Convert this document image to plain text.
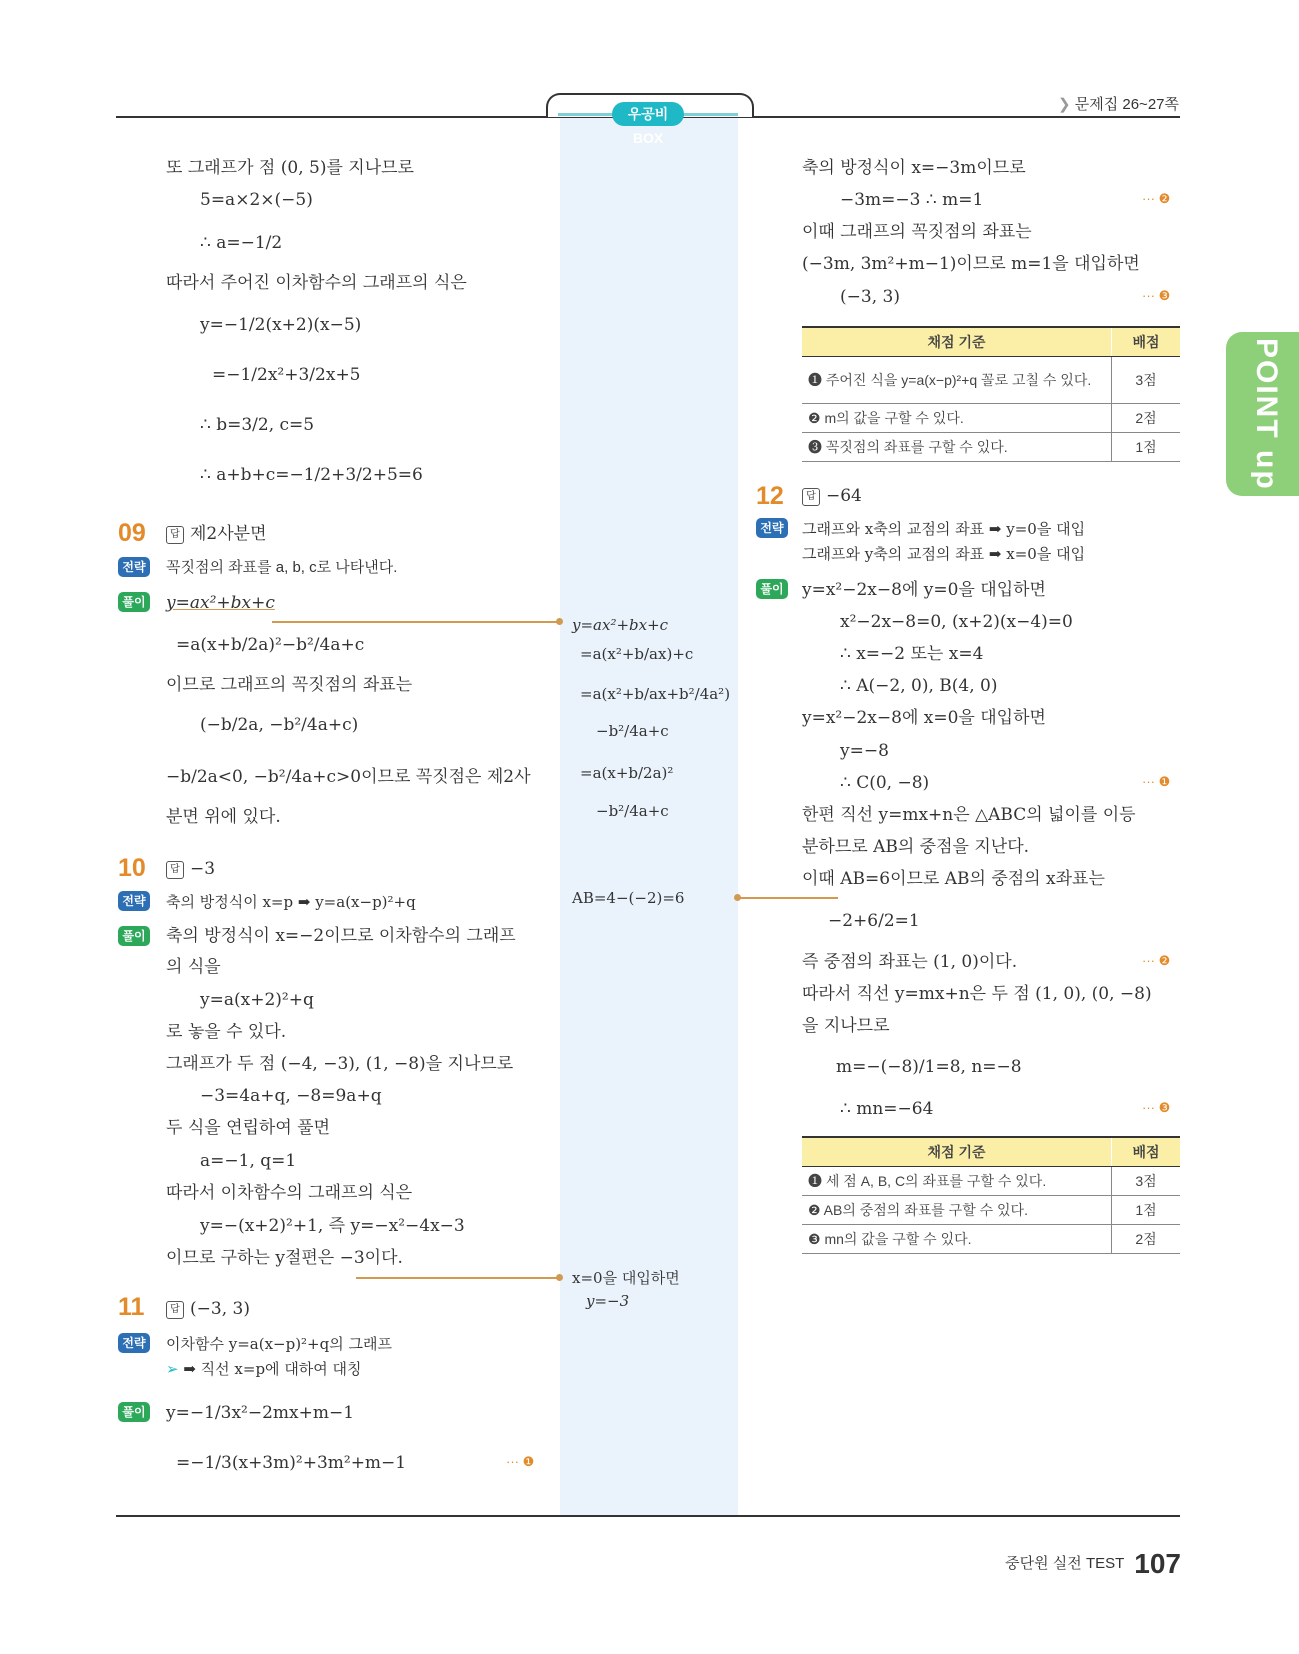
우공비 BOX
❯ 문제집 26~27쪽
POINT up
또 그래프가 점 (0, 5)를 지나므로
5=a×2×(−5)
∴ a=−1/2
따라서 주어진 이차함수의 그래프의 식은
y=−1/2(x+2)(x−5)
=−1/2x²+3/2x+5
∴ b=3/2, c=5
∴ a+b+c=−1/2+3/2+5=6
09	답 제2사분면
전략 꼭짓점의 좌표를 a, b, c로 나타낸다.
풀이 y=ax²+bx+c
=a(x+b/2a)²−b²/4a+c
이므로 그래프의 꼭짓점의 좌표는
(−b/2a, −b²/4a+c)
−b/2a<0, −b²/4a+c>0이므로 꼭짓점은 제2사
분면 위에 있다.
10	답 −3
전략 축의 방정식이 x=p ➡ y=a(x−p)²+q
풀이 축의 방정식이 x=−2이므로 이차함수의 그래프
의 식을
y=a(x+2)²+q
로 놓을 수 있다.
그래프가 두 점 (−4, −3), (1, −8)을 지나므로
−3=4a+q, −8=9a+q
두 식을 연립하여 풀면
a=−1, q=1
따라서 이차함수의 그래프의 식은
y=−(x+2)²+1, 즉 y=−x²−4x−3
이므로 구하는 y절편은 −3이다.
11	답 (−3, 3)
전략 이차함수 y=a(x−p)²+q의 그래프
➢ ➡ 직선 x=p에 대하여 대칭
풀이 y=−1/3x²−2mx+m−1
=−1/3(x+3m)²+3m²+m−1	··· ❶
y=ax²+bx+c
=a(x²+b/ax)+c
=a(x²+b/ax+b²/4a²)
−b²/4a+c
=a(x+b/2a)²
−b²/4a+c
AB=4−(−2)=6
x=0을 대입하면
y=−3
축의 방정식이 x=−3m이므로
−3m=−3 ∴ m=1	··· ❷
이때 그래프의 꼭짓점의 좌표는
(−3m, 3m²+m−1)이므로 m=1을 대입하면
(−3, 3)	··· ❸
채점 기준	배점
❶ 주어진 식을 y=a(x−p)²+q 꼴로 고칠 수 있다.	3점
❷ m의 값을 구할 수 있다.	2점
❸ 꼭짓점의 좌표를 구할 수 있다.	1점
12	답 −64
전략 그래프와 x축의 교점의 좌표 ➡ y=0을 대입
그래프와 y축의 교점의 좌표 ➡ x=0을 대입
풀이 y=x²−2x−8에 y=0을 대입하면
x²−2x−8=0, (x+2)(x−4)=0
∴ x=−2 또는 x=4
∴ A(−2, 0), B(4, 0)
y=x²−2x−8에 x=0을 대입하면
y=−8
∴ C(0, −8)	··· ❶
한편 직선 y=mx+n은 △ABC의 넓이를 이등
분하므로 AB의 중점을 지난다.
이때 AB=6이므로 AB의 중점의 x좌표는
−2+6/2=1
즉 중점의 좌표는 (1, 0)이다.	··· ❷
따라서 직선 y=mx+n은 두 점 (1, 0), (0, −8)
을 지나므로
m=−(−8)/1=8, n=−8
∴ mn=−64	··· ❸
채점 기준	배점
❶ 세 점 A, B, C의 좌표를 구할 수 있다.	3점
❷ AB의 중점의 좌표를 구할 수 있다.	1점
❸ mn의 값을 구할 수 있다.	2점
중단원 실전 TEST 107
